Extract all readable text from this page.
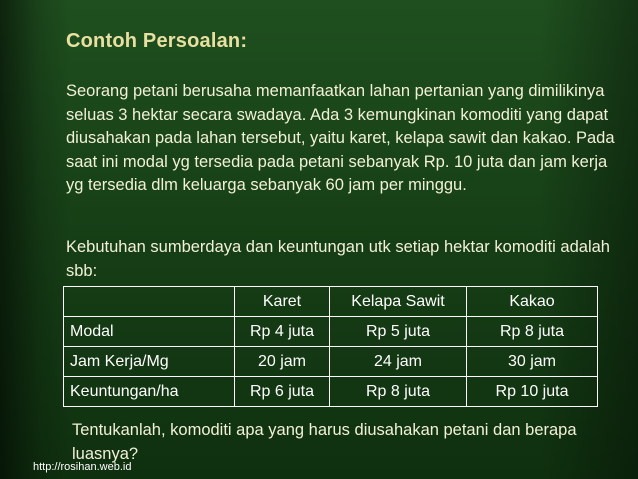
Contoh Persoalan:
Seorang petani berusaha memanfaatkan lahan pertanian yang dimilikinya seluas 3 hektar secara swadaya. Ada 3 kemungkinan komoditi yang dapat diusahakan pada lahan tersebut, yaitu karet, kelapa sawit dan kakao. Pada saat ini modal yg tersedia pada petani sebanyak Rp. 10 juta dan jam kerja yg tersedia dlm keluarga sebanyak 60 jam per minggu.
Kebutuhan sumberdaya dan keuntungan utk setiap hektar komoditi adalah sbb:
	Karet	Kelapa Sawit	Kakao
Modal	Rp 4 juta	Rp 5 juta	Rp 8 juta
Jam Kerja/Mg	20 jam	24 jam	30 jam
Keuntungan/ha	Rp 6 juta	Rp 8 juta	Rp 10 juta
Tentukanlah, komoditi apa yang harus diusahakan petani dan berapa luasnya?
http://rosihan.web.id
